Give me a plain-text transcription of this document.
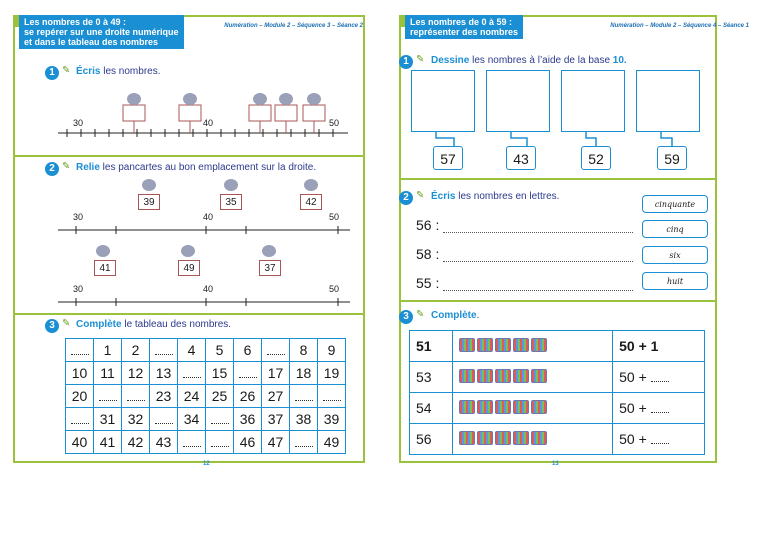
Les nombres de 0 à 49 :
se repérer sur une droite numérique
et dans le tableau des nombres
Numération – Module 2 – Séquence 3 – Séance 2
1 ✎ Écris les nombres.
30	40	50
2 ✎ Relie les pancartes au bon emplacement sur la droite.
39	35	42
30	40	50
41	49	37
30	40	50
3 ✎ Complète le tableau des nombres.
	1	2		4	5	6		8	9
10	11	12	13		15		17	18	19
20			23	24	25	26	27		
	31	32		34		36	37	38	39
40	41	42	43			46	47		49
12
Les nombres de 0 à 59 :
représenter des nombres
Numération – Module 2 – Séquence 4 – Séance 1
1 ✎ Dessine les nombres à l’aide de la base 10.
57	43	52	59
2 ✎ Écris les nombres en lettres.
56 :
58 :
55 :
cinquante
cinq
six
huit
3 ✎ Complète.
51		50 + 1
53		50 +
54		50 +
56		50 +
13
